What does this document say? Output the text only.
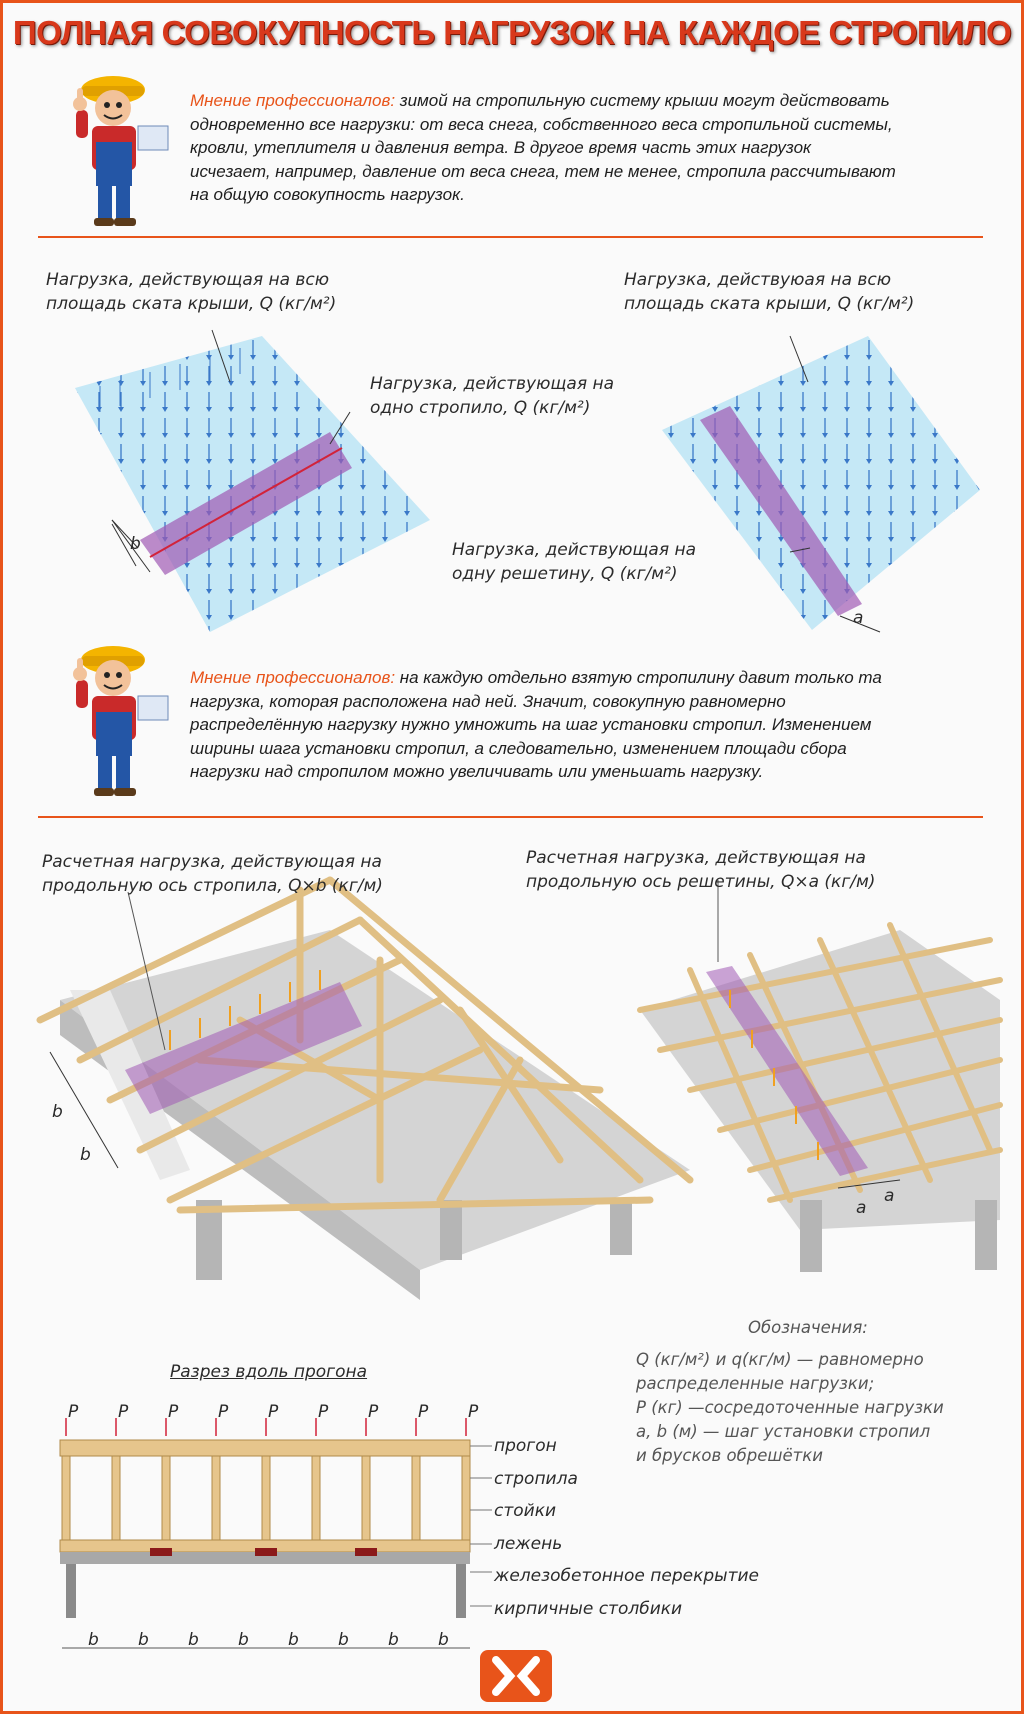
ПОЛНАЯ СОВОКУПНОСТЬ НАГРУЗОК НА КАЖДОЕ СТРОПИЛО
Мнение профессионалов: зимой на стропильную систему крыши могут действовать
одновременно все нагрузки: от веса снега, собственного веса стропильной системы,
кровли, утеплителя и давления ветра. В другое время часть этих нагрузок
исчезает, например, давление от веса снега, тем не менее, стропила рассчитывают
на общую совокупность нагрузок.
Нагрузка, действующая на всю
площадь ската крыши, Q (кг/м²)
Нагрузка, действуюая на всю
площадь ската крыши, Q (кг/м²)
Нагрузка, действующая на
одно стропило, Q (кг/м²)
Нагрузка, действующая на
одну решетину, Q (кг/м²)
b
a
Мнение профессионалов: на каждую отдельно взятую стропилину давит только та
нагрузка, которая расположена над ней. Значит, совокупную равномерно
распределённую нагрузку нужно умножить на шаг установки стропил. Изменением
ширины шага установки стропил, а следовательно, изменением площади сбора
нагрузки над стропилом можно увеличивать или уменьшать нагрузку.
Расчетная нагрузка, действующая на
продольную ось стропила, Q×b (кг/м)
Расчетная нагрузка, действующая на
продольную ось решетины, Q×a (кг/м)
b
b
a
a
Разрез вдоль прогона
P P P P P P P P P
b b b b b b b b
прогон
стропила
стойки
лежень
железобетонное перекрытие
кирпичные столбики
Обозначения:
Q (кг/м²) и q(кг/м) — равномерно
распределенные нагрузки;
P (кг) —сосредоточенные нагрузки
a, b (м) — шаг установки стропил
и брусков обрешётки
